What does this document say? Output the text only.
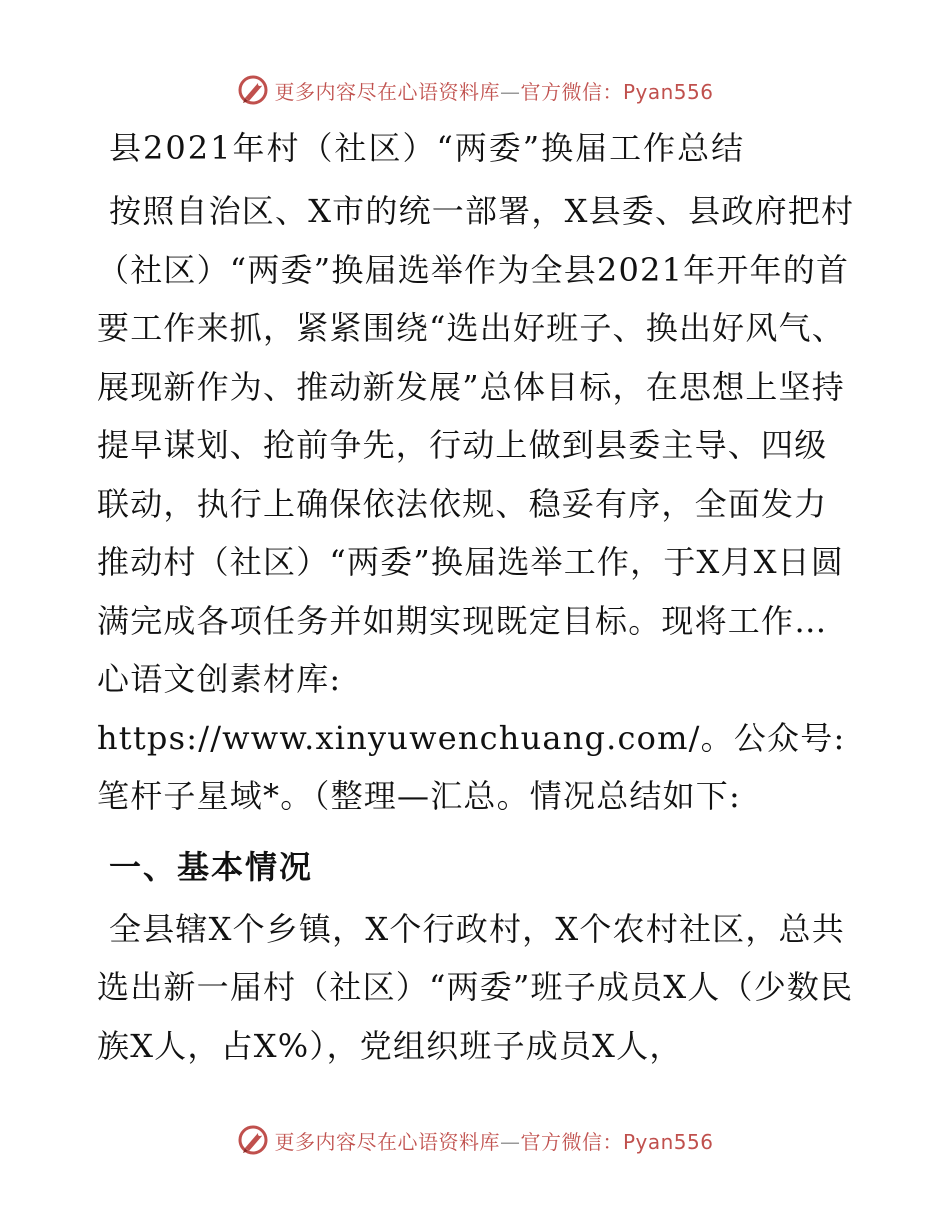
更多内容尽在心语资料库—官方微信：Pyan556
县2021年村（社区）“两委”换届工作总结

按照自治区、X市的统一部署，X县委、县政府把村（社区）“两委”换届选举作为全县2021年开年的首要工作来抓，紧紧围绕“选出好班子、换出好风气、展现新作为、推动新发展”总体目标，在思想上坚持提早谋划、抢前争先，行动上做到县委主导、四级联动，执行上确保依法依规、稳妥有序，全面发力推动村（社区）“两委”换届选举工作，于X月X日圆满完成各项任务并如期实现既定目标。现将工作…心语文创素材库: https://www.xinyuwenchuang.com/。公众号: 笔杆子星域*。（整理—汇总。情况总结如下:

一、基本情况

全县辖X个乡镇，X个行政村，X个农村社区，总共选出新一届村（社区）“两委”班子成员X人（少数民族X人，占X%），党组织班子成员X人，

更多内容尽在心语资料库—官方微信：Pyan556
